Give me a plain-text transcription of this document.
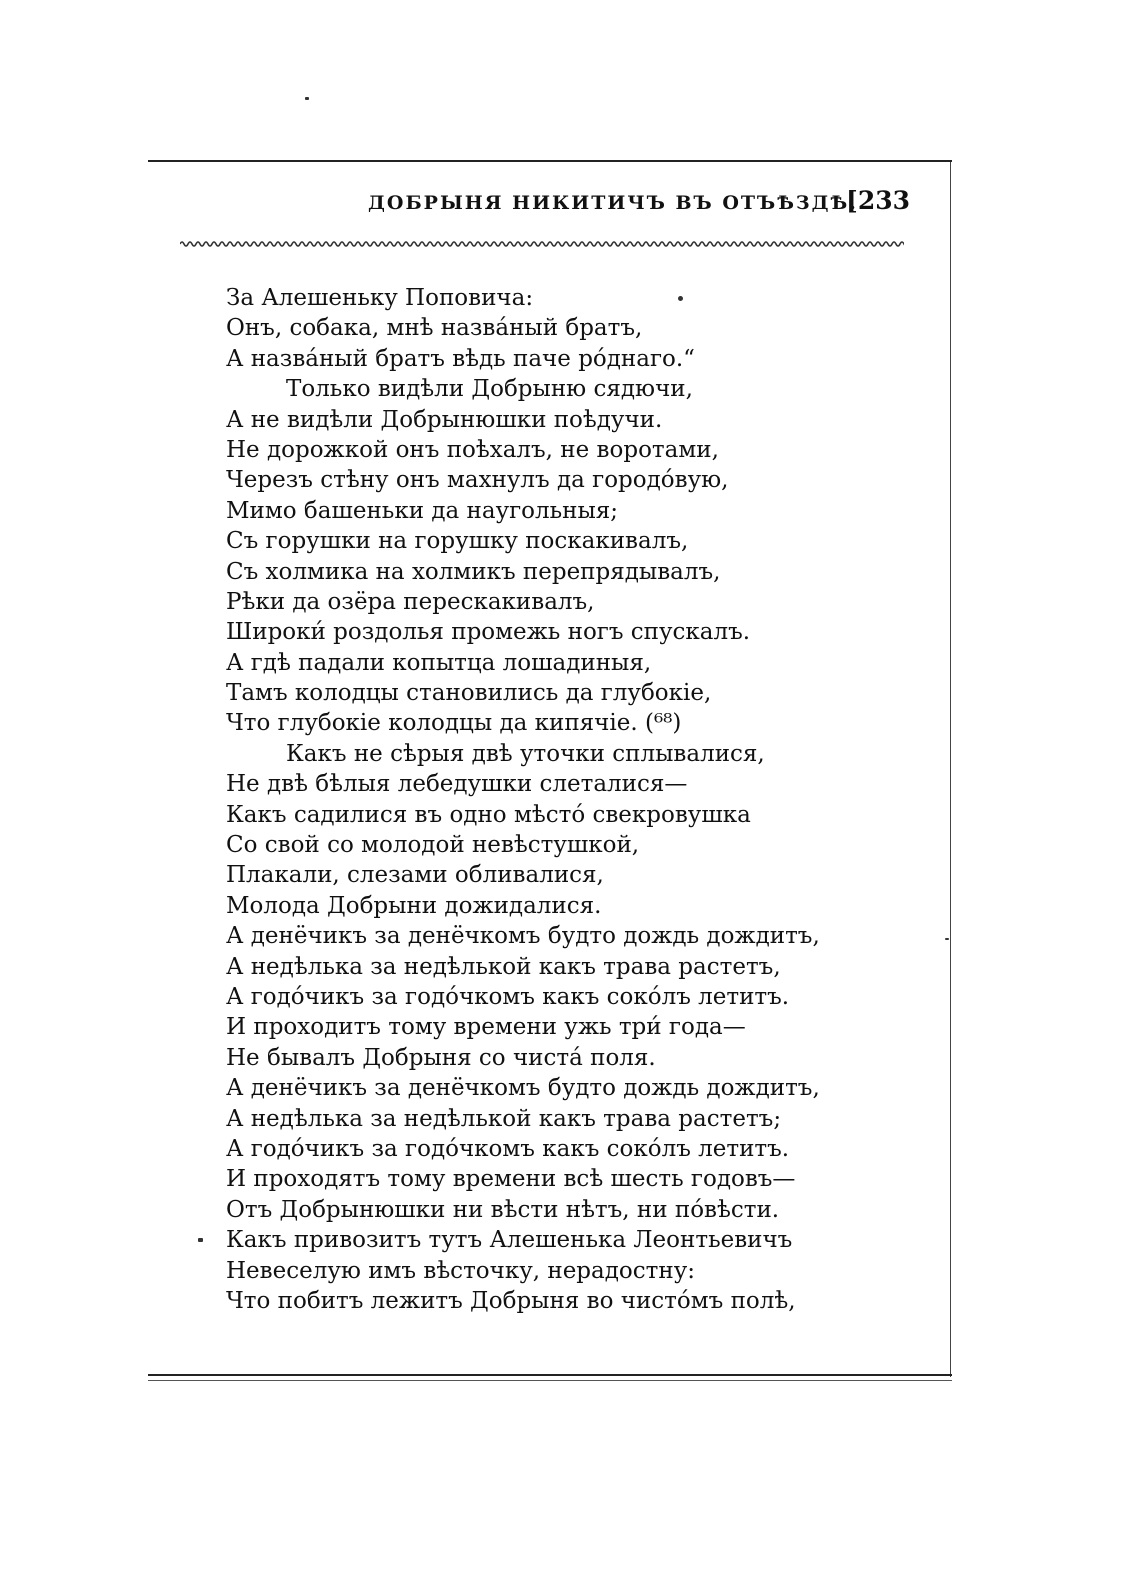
ДОБРЫНЯ НИКИТИЧЪ ВЪ ОТЪѢЗДѢ.
[233
За Алешеньку Поповича:
Онъ, собака, мнѣ назва́ный братъ,
А назва́ный братъ вѣдь паче ро́днаго.“
Только видѣли Добрыню сядючи,
А не видѣли Добрынюшки поѣдучи.
Не дорожкой онъ поѣхалъ, не воротами,
Черезъ стѣну онъ махнулъ да городо́вую,
Мимо башеньки да наугольныя;
Съ горушки на горушку поскакивалъ,
Съ холмика на холмикъ перепрядывалъ,
Рѣки да озёра перескакивалъ,
Широки́ роздолья промежь ногъ спускалъ.
А гдѣ падали копытца лошадиныя,
Тамъ колодцы становились да глубокіе,
Что глубокіе колодцы да кипячіе. (⁶⁸)
Какъ не сѣрыя двѣ уточки сплывалися,
Не двѣ бѣлыя лебедушки слеталися—
Какъ садилися въ одно мѣсто́ свекровушка
Со свой со молодой невѣстушкой,
Плакали, слезами обливалися,
Молода Добрыни дожидалися.
А денёчикъ за денёчкомъ будто дождь дождитъ,
А недѣлька за недѣлькой какъ трава растетъ,
А годо́чикъ за годо́чкомъ какъ соко́лъ летитъ.
И проходитъ тому времени ужь три́ года—
Не бывалъ Добрыня со чиста́ поля.
А денёчикъ за денёчкомъ будто дождь дождитъ,
А недѣлька за недѣлькой какъ трава растетъ;
А годо́чикъ за годо́чкомъ какъ соко́лъ летитъ.
И проходятъ тому времени всѣ шесть годовъ—
Отъ Добрынюшки ни вѣсти нѣтъ, ни по́вѣсти.
Какъ привозитъ тутъ Алешенька Леонтьевичъ
Невеселую имъ вѣсточку, нерадостну:
Что побитъ лежитъ Добрыня во чисто́мъ полѣ,
